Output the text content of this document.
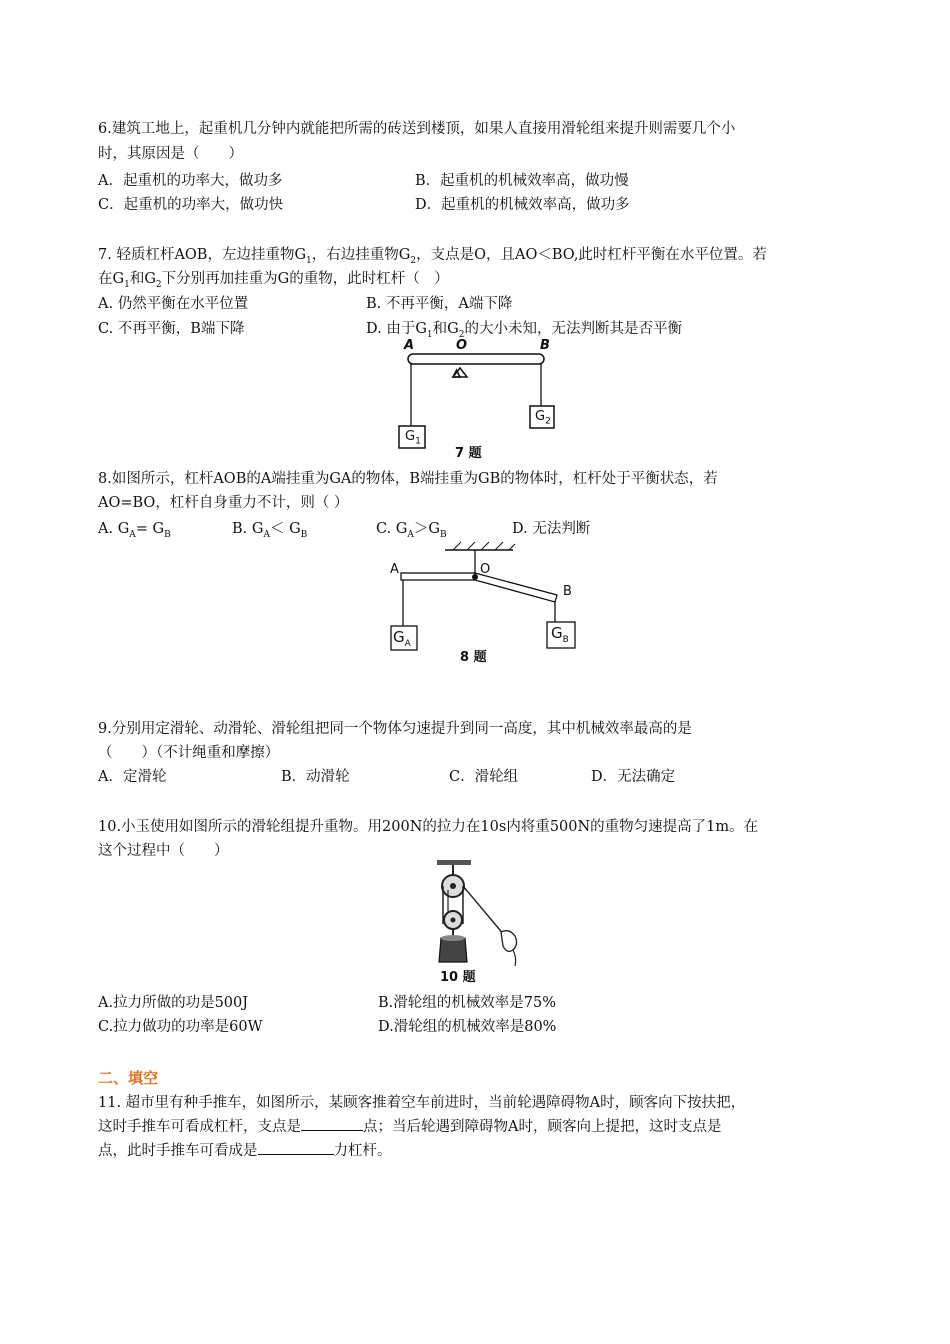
6.建筑工地上，起重机几分钟内就能把所需的砖送到楼顶，如果人直接用滑轮组来提升则需要几个小
时，其原因是（　　）
A．起重机的功率大，做功多	B．起重机的机械效率高，做功慢
C．起重机的功率大，做功快	D．起重机的机械效率高，做功多
7. 轻质杠杆AOB，左边挂重物$G_1$，右边挂重物$G_2$，支点是O，且AO＜BO,此时杠杆平衡在水平位置。若
在$G_1$和$G_2$下分别再加挂重为G的重物，此时杠杆（　）
A. 仍然平衡在水平位置	B. 不再平衡，A端下降
C. 不再平衡，B端下降	D. 由于$G_1$和$G_2$的大小未知，无法判断其是否平衡
A	O	B
$G_1$
$G_2$
7 题
8.如图所示，杠杆AOB的A端挂重为GA的物体，B端挂重为GB的物体时，杠杆处于平衡状态，若
AO=BO，杠杆自身重力不计，则（ ）
A. $G_A= G_B$	B. $G_A< G_B$	C. $G_A>G_B$	D. 无法判断
A	O
B
$G_A$
$G_B$
8 题
9.分别用定滑轮、动滑轮、滑轮组把同一个物体匀速提升到同一高度，其中机械效率最高的是
（　　）（不计绳重和摩擦）
A．定滑轮	B．动滑轮	C．滑轮组	D．无法确定
10.小玉使用如图所示的滑轮组提升重物。用200N的拉力在10s内将重500N的重物匀速提高了1m。在
这个过程中（　　）
10 题
A.拉力所做的功是500J	B.滑轮组的机械效率是75%
C.拉力做功的功率是60W	D.滑轮组的机械效率是80%
二、填空
11. 超市里有种手推车，如图所示，某顾客推着空车前进时，当前轮遇障碍物A时，顾客向下按扶把，
这时手推车可看成杠杆，支点是	点；当后轮遇到障碍物A时，顾客向上提把，这时支点是
点，此时手推车可看成是	力杠杆。
